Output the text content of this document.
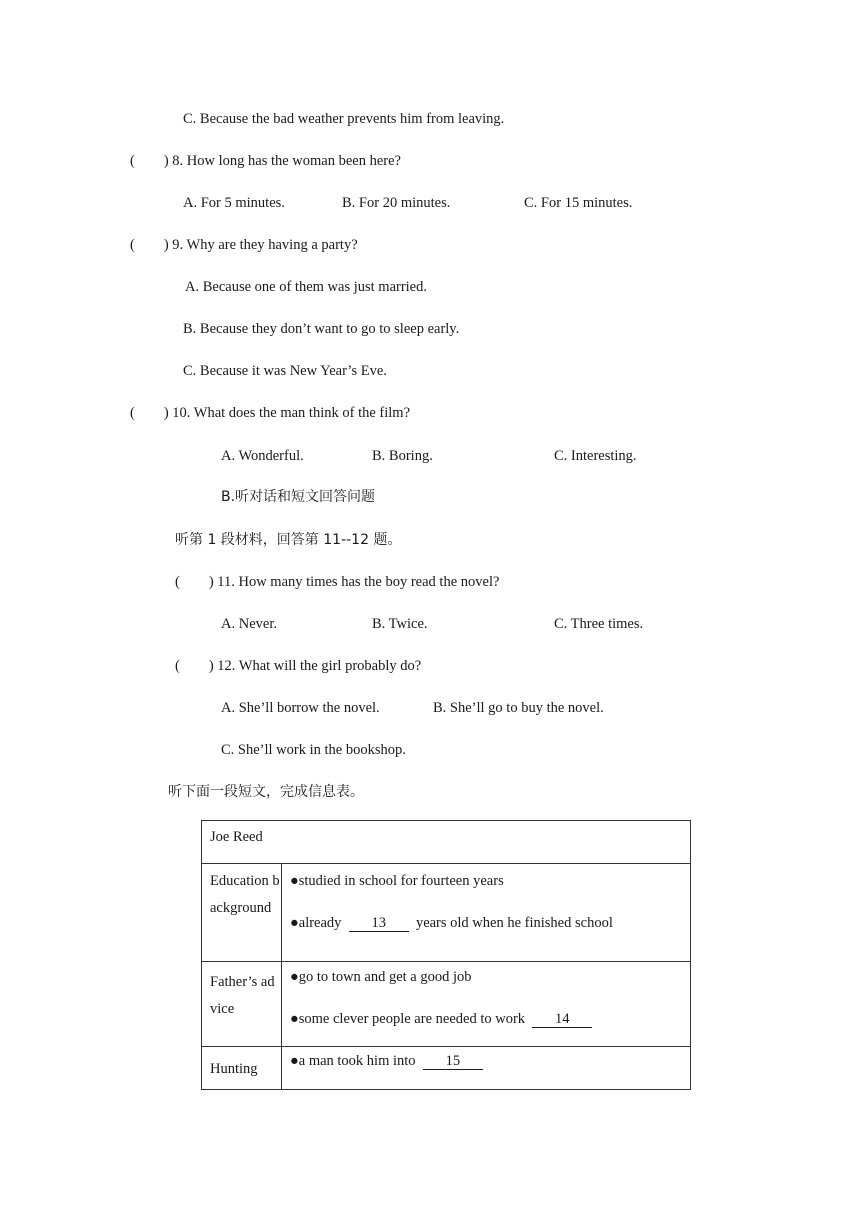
C. Because the bad weather prevents him from leaving.
(        ) 8. How long has the woman been here?
A. For 5 minutes.	B. For 20 minutes.	C. For 15 minutes.
(        ) 9. Why are they having a party?
A. Because one of them was just married.
B. Because they don’t want to go to sleep early.
C. Because it was New Year’s Eve.
(        ) 10. What does the man think of the film?
A. Wonderful.	B. Boring.	C. Interesting.
B.听对话和短文回答问题
听第 1 段材料，回答第 11--12 题。
(        ) 11. How many times has the boy read the novel?
A. Never.	B. Twice.	C. Three times.
(        ) 12. What will the girl probably do?
A. She’ll borrow the novel.	B. She’ll go to buy the novel.
C. She’ll work in the bookshop.
听下面一段短文，完成信息表。
Joe Reed	

Education background	●studied in school for fourteen years
●already 13 years old when he finished school

Father’s advice	●go to town and get a good job
●some clever people are needed to work 14

Hunting	●a man took him into 15
